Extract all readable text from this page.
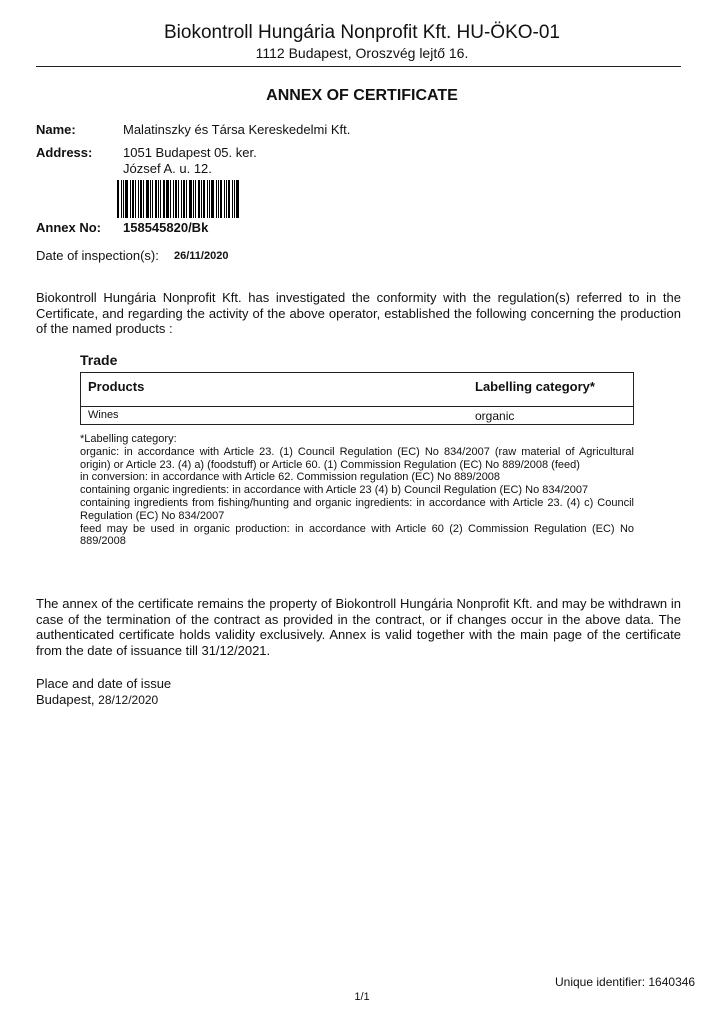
Biokontroll Hungária Nonprofit Kft. HU-ÖKO-01
1112 Budapest, Oroszvég lejtő 16.
ANNEX OF CERTIFICATE
Name:	Malatinszky és Társa Kereskedelmi Kft.
Address: 1051 Budapest 05. ker.
József A. u. 12.
Annex No: 158545820/Bk
Date of inspection(s): 26/11/2020
Biokontroll Hungária Nonprofit Kft. has investigated the conformity with the regulation(s) referred to in the Certificate, and regarding the activity of the above operator, established the following concerning the production of the named products :
Trade
Products	Labelling category*
Wines	organic
*Labelling category:
organic: in accordance with Article 23. (1) Council Regulation (EC) No 834/2007 (raw material of Agricultural origin) or Article 23. (4) a) (foodstuff) or Article 60. (1) Commission Regulation (EC) No 889/2008 (feed)
in conversion: in accordance with Article 62. Commission regulation (EC) No 889/2008
containing organic ingredients: in accordance with Article 23 (4) b) Council Regulation (EC) No 834/2007
containing ingredients from fishing/hunting and organic ingredients: in accordance with Article 23. (4) c) Council Regulation (EC) No 834/2007
feed may be used in organic production: in accordance with Article 60 (2) Commission Regulation (EC) No 889/2008
The annex of the certificate remains the property of Biokontroll Hungária Nonprofit Kft. and may be withdrawn in case of the termination of the contract as provided in the contract, or if changes occur in the above data. The authenticated certificate holds validity exclusively. Annex is valid together with the main page of the certificate from the date of issuance till 31/12/2021.
Place and date of issue
Budapest, 28/12/2020
Unique identifier: 1640346
1/1
